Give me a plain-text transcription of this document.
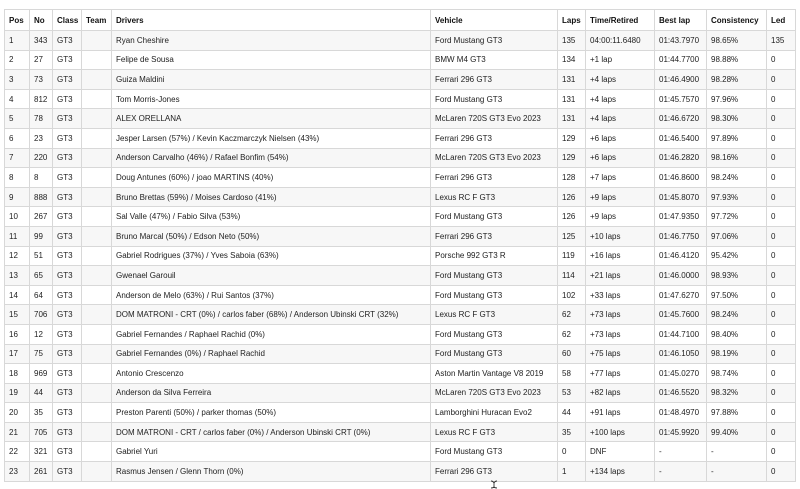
Pos	No	Class	Team	Drivers	Vehicle	Laps	Time/Retired	Best lap	Consistency	Led
1	343	GT3		Ryan Cheshire	Ford Mustang GT3	135	04:00:11.6480	01:43.7970	98.65%	135
2	27	GT3		Felipe de Sousa	BMW M4 GT3	134	+1 lap	01:44.7700	98.88%	0
3	73	GT3		Guiza Maldini	Ferrari 296 GT3	131	+4 laps	01:46.4900	98.28%	0
4	812	GT3		Tom Morris-Jones	Ford Mustang GT3	131	+4 laps	01:45.7570	97.96%	0
5	78	GT3		ALEX ORELLANA	McLaren 720S GT3 Evo 2023	131	+4 laps	01:46.6720	98.30%	0
6	23	GT3		Jesper Larsen (57%) / Kevin Kaczmarczyk Nielsen (43%)	Ferrari 296 GT3	129	+6 laps	01:46.5400	97.89%	0
7	220	GT3		Anderson Carvalho (46%) / Rafael Bonfim (54%)	McLaren 720S GT3 Evo 2023	129	+6 laps	01:46.2820	98.16%	0
8	8	GT3		Doug Antunes (60%) / joao MARTINS (40%)	Ferrari 296 GT3	128	+7 laps	01:46.8600	98.24%	0
9	888	GT3		Bruno Brettas (59%) / Moises Cardoso (41%)	Lexus RC F GT3	126	+9 laps	01:45.8070	97.93%	0
10	267	GT3		Sal Valle (47%) / Fabio Silva (53%)	Ford Mustang GT3	126	+9 laps	01:47.9350	97.72%	0
11	99	GT3		Bruno Marcal (50%) / Edson Neto (50%)	Ferrari 296 GT3	125	+10 laps	01:46.7750	97.06%	0
12	51	GT3		Gabriel Rodrigues (37%) / Yves Saboia (63%)	Porsche 992 GT3 R	119	+16 laps	01:46.4120	95.42%	0
13	65	GT3		Gwenael Garouil	Ford Mustang GT3	114	+21 laps	01:46.0000	98.93%	0
14	64	GT3		Anderson de Melo (63%) / Rui Santos (37%)	Ford Mustang GT3	102	+33 laps	01:47.6270	97.50%	0
15	706	GT3		DOM MATRONI - CRT (0%) / carlos faber (68%) / Anderson Ubinski CRT (32%)	Lexus RC F GT3	62	+73 laps	01:45.7600	98.24%	0
16	12	GT3		Gabriel Fernandes / Raphael Rachid (0%)	Ford Mustang GT3	62	+73 laps	01:44.7100	98.40%	0
17	75	GT3		Gabriel Fernandes (0%) / Raphael Rachid	Ford Mustang GT3	60	+75 laps	01:46.1050	98.19%	0
18	969	GT3		Antonio Crescenzo	Aston Martin Vantage V8 2019	58	+77 laps	01:45.0270	98.74%	0
19	44	GT3		Anderson da Silva Ferreira	McLaren 720S GT3 Evo 2023	53	+82 laps	01:46.5520	98.32%	0
20	35	GT3		Preston Parenti (50%) / parker thomas (50%)	Lamborghini Huracan Evo2	44	+91 laps	01:48.4970	97.88%	0
21	705	GT3		DOM MATRONI - CRT / carlos faber (0%) / Anderson Ubinski CRT (0%)	Lexus RC F GT3	35	+100 laps	01:45.9920	99.40%	0
22	321	GT3		Gabriel Yuri	Ford Mustang GT3	0	DNF	-	-	0
23	261	GT3		Rasmus Jensen / Glenn Thorn (0%)	Ferrari 296 GT3	1	+134 laps	-	-	0
